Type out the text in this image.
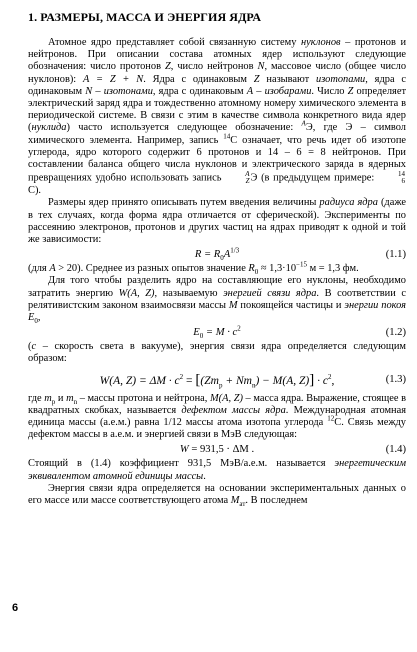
1. РАЗМЕРЫ, МАССА И ЭНЕРГИЯ ЯДРА

Атомное ядро представляет собой связанную систему нуклонов – протонов и нейтронов. При описании состава атомных ядер используют следующие обозначения: число протонов Z, число нейтронов N, массовое число (общее число нуклонов): A = Z + N. Ядра с одинаковым Z называют изотопами, ядра с одинаковым N – изотонами, ядра с одинаковым A – изобарами. Число Z определяет электрический заряд ядра и тождественно атомному номеру химического элемента в периодической системе. В связи с этим в качестве символа конкретного вида ядер (нуклида) часто используется следующее обозначение: $^A$Э, где Э – символ химического элемента. Например, запись $^{14}$C означает, что речь идет об изотопе углерода, ядро которого содержит 6 протонов и 14 – 6 = 8 нейтронов. При составлении баланса общего числа нуклонов и электрического заряда в ядерных превращениях удобно использовать запись	A
Z Э (в предыдущем примере:	14
6
C).

Размеры ядер принято описывать путем введения величины радиуса ядра (даже в тех случаях, когда форма ядра отличается от сферической). Эксперименты по рассеянию электронов, протонов и других частиц на ядрах приводят к одной и той же зависимости:

$R = R_0A^{1/3}$	(1.1)

(для A > 20). Среднее из разных опытов значение $R_0 \approx 1,3\cdot 10^{-15}$ м = 1,3 фм.

Для того чтобы разделить ядро на составляющие его нуклоны, необходимо затратить энергию W(A, Z), называемую энергией связи ядра. В соответствии с релятивистским законом взаимосвязи массы M покоящейся частицы и энергии покоя $E_0$,

$E_0 = M \cdot c^2$	(1.2)

(c – скорость света в вакууме), энергия связи ядра определяется следующим образом:

W(A, $Z) = \Delta M \cdot c^2 = [(Zm_p + Nm_n) - M(A$, $Z)] \cdot c^2$,	(1.3)

где $m_p$ и $m_n$ – массы протона и нейтрона, M(A, Z) – масса ядра. Выражение, стоящее в квадратных скобках, называется дефектом массы ядра. Международная атомная единица массы (а.е.м.) равна 1/12 массы атома изотопа углерода $^{12}$C. Связь между дефектом массы в а.е.м. и энергией связи в МэВ следующая:

W = 931,5 · ΔM .	(1.4)

Стоящий в (1.4) коэффициент 931,5 МэВ/а.е.м. называется энергетическим эквивалентом атомной единицы массы.

Энергия связи ядра определяется на основании экспериментальных данных о его массе или массе соответствующего атома $M_{ат}$. В последнем

6
